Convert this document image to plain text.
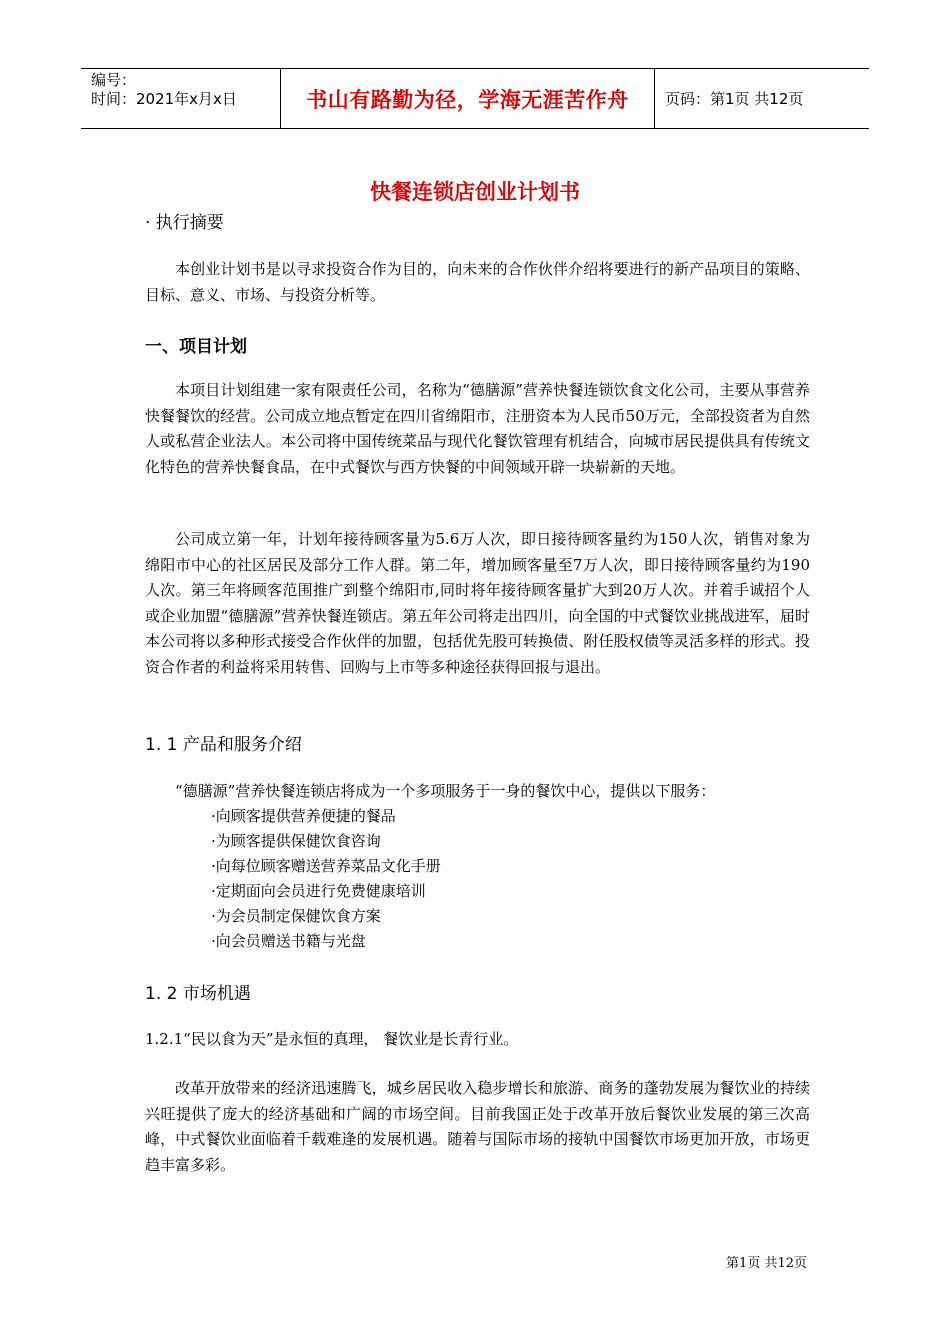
编号：
时间：2021年x月x日	书山有路勤为径，学海无涯苦作舟 页码：第1页 共12页
快餐连锁店创业计划书
· 执行摘要

本创业计划书是以寻求投资合作为目的，向未来的合作伙伴介绍将要进行的新产品项目的策略、目标、意义、市场、与投资分析等。

一、项目计划

本项目计划组建一家有限责任公司，名称为“德膳源”营养快餐连锁饮食文化公司，主要从事营养快餐餐饮的经营。公司成立地点暂定在四川省绵阳市，注册资本为人民币50万元，全部投资者为自然人或私营企业法人。本公司将中国传统菜品与现代化餐饮管理有机结合，向城市居民提供具有传统文化特色的营养快餐食品，在中式餐饮与西方快餐的中间领域开辟一块崭新的天地。

公司成立第一年，计划年接待顾客量为5.6万人次，即日接待顾客量约为150人次，销售对象为绵阳市中心的社区居民及部分工作人群。第二年，增加顾客量至7万人次，即日接待顾客量约为190人次。第三年将顾客范围推广到整个绵阳市,同时将年接待顾客量扩大到20万人次。并着手诚招个人或企业加盟“德膳源”营养快餐连锁店。第五年公司将走出四川，向全国的中式餐饮业挑战进军，届时本公司将以多种形式接受合作伙伴的加盟，包括优先股可转换债、附任股权债等灵活多样的形式。投资合作者的利益将采用转售、回购与上市等多种途径获得回报与退出。

1. 1 产品和服务介绍
“德膳源”营养快餐连锁店将成为一个多项服务于一身的餐饮中心，提供以下服务：
·向顾客提供营养便捷的餐品
·为顾客提供保健饮食咨询
·向每位顾客赠送营养菜品文化手册
·定期面向会员进行免费健康培训
·为会员制定保健饮食方案
·向会员赠送书籍与光盘
1. 2 市场机遇
1.2.1“民以食为天”是永恒的真理， 餐饮业是长青行业。

改革开放带来的经济迅速腾飞，城乡居民收入稳步增长和旅游、商务的蓬勃发展为餐饮业的持续兴旺提供了庞大的经济基础和广阔的市场空间。目前我国正处于改革开放后餐饮业发展的第三次高峰，中式餐饮业面临着千载难逢的发展机遇。随着与国际市场的接轨中国餐饮市场更加开放，市场更趋丰富多彩。

第1页 共12页
